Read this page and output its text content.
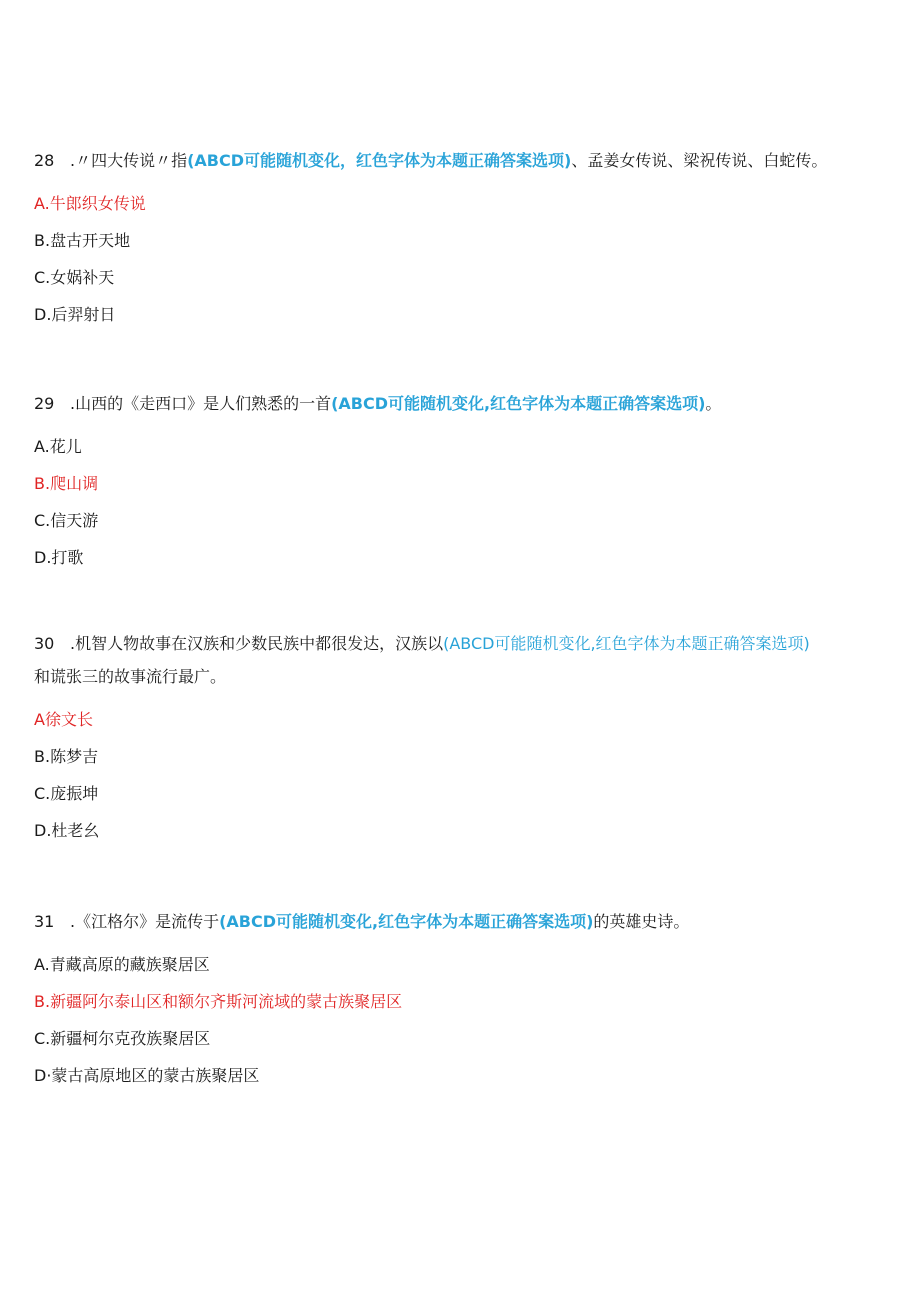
28 .〃四大传说〃指(ABCD可能随机变化，红色字体为本题正确答案选项)、孟姜女传说、梁祝传说、白蛇传。
A.牛郎织女传说
B.盘古开天地
C.女娲补天
D.后羿射日
29 .山西的《走西口》是人们熟悉的一首(ABCD可能随机变化,红色字体为本题正确答案选项)。
A.花儿
B.爬山调
C.信天游
D.打歌
30 .机智人物故事在汉族和少数民族中都很发达，汉族以(ABCD可能随机变化,红色字体为本题正确答案选项)
和谎张三的故事流行最广。
A徐文长
B.陈梦吉
C.庞振坤
D.杜老幺
31 .《江格尔》是流传于(ABCD可能随机变化,红色字体为本题正确答案选项)的英雄史诗。
A.青藏高原的藏族聚居区
B.新疆阿尔泰山区和额尔齐斯河流域的蒙古族聚居区
C.新疆柯尔克孜族聚居区
D·蒙古高原地区的蒙古族聚居区
